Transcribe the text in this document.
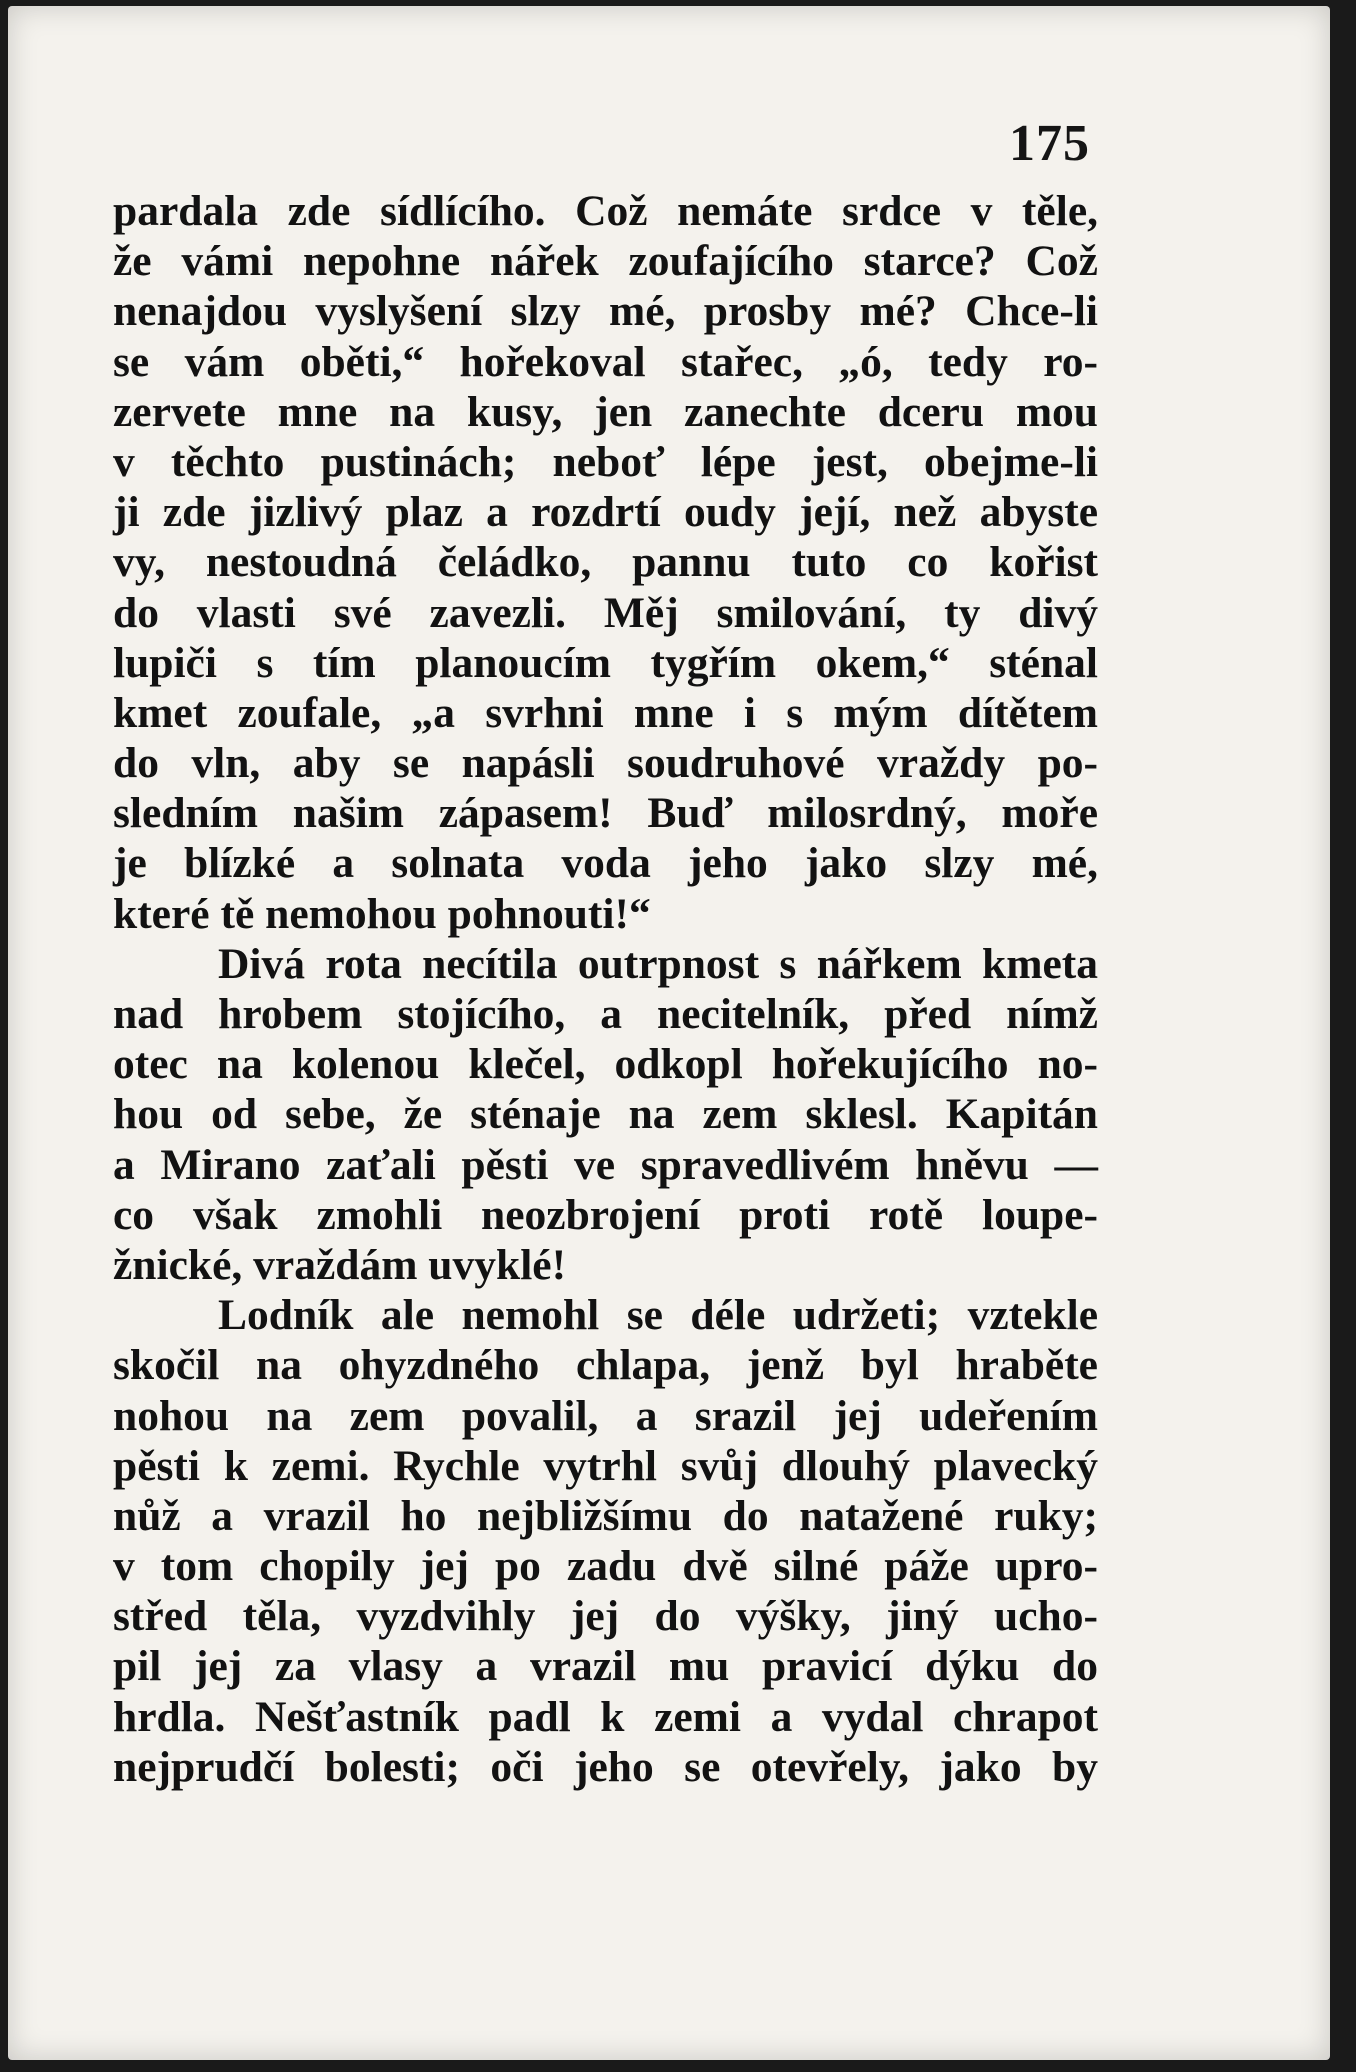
175
pardala zde sídlícího. Což nemáte srdce v těle,
že vámi nepohne nářek zoufajícího starce? Což
nenajdou vyslyšení slzy mé, prosby mé? Chce-li
se vám oběti,“ hořekoval stařec, „ó, tedy ro-
zervete mne na kusy, jen zanechte dceru mou
v těchto pustinách; neboť lépe jest, obejme-li
ji zde jizlivý plaz a rozdrtí oudy její, než abyste
vy, nestoudná čeládko, pannu tuto co kořist
do vlasti své zavezli. Měj smilování, ty divý
lupiči s tím planoucím tygřím okem,“ sténal
kmet zoufale, „a svrhni mne i s mým dítětem
do vln, aby se napásli soudruhové vraždy po-
sledním našim zápasem! Buď milosrdný, moře
je blízké a solnata voda jeho jako slzy mé,
které tě nemohou pohnouti!“
Divá rota necítila outrpnost s nářkem kmeta
nad hrobem stojícího, a necitelník, před nímž
otec na kolenou klečel, odkopl hořekujícího no-
hou od sebe, že sténaje na zem sklesl. Kapitán
a Mirano zaťali pěsti ve spravedlivém hněvu —
co však zmohli neozbrojení proti rotě loupe-
žnické, vraždám uvyklé!
Lodník ale nemohl se déle udržeti; vztekle
skočil na ohyzdného chlapa, jenž byl hraběte
nohou na zem povalil, a srazil jej udeřením
pěsti k zemi. Rychle vytrhl svůj dlouhý plavecký
nůž a vrazil ho nejbližšímu do natažené ruky;
v tom chopily jej po zadu dvě silné páže upro-
střed těla, vyzdvihly jej do výšky, jiný ucho-
pil jej za vlasy a vrazil mu pravicí dýku do
hrdla. Nešťastník padl k zemi a vydal chrapot
nejprudčí bolesti; oči jeho se otevřely, jako by
